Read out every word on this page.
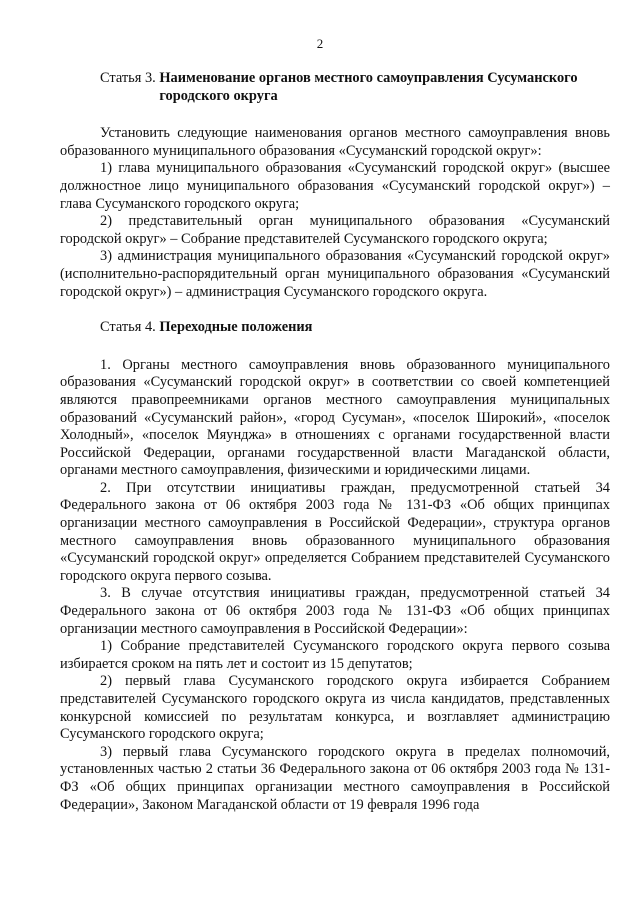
2
Статья 3.
Наименование органов местного самоуправления Сусуманского городского округа

Установить следующие наименования органов местного самоуправления вновь образованного муниципального образования «Сусуманский городской округ»:

1) глава муниципального образования «Сусуманский городской округ» (высшее должностное лицо муниципального образования «Сусуманский городской округ») – глава Сусуманского городского округа;

2) представительный орган муниципального образования «Сусуманский городской округ» – Собрание представителей Сусуманского городского округа;

3) администрация муниципального образования «Сусуманский городской округ» (исполнительно-распорядительный орган муниципального образования «Сусуманский городской округ») – администрация Сусуманского городского округа.

Статья 4.
Переходные положения

1. Органы местного самоуправления вновь образованного муниципального образования «Сусуманский городской округ» в соответствии со своей компетенцией являются правопреемниками органов местного самоуправления муниципальных образований «Сусуманский район», «город Сусуман», «поселок Широкий», «поселок Холодный», «поселок Мяунджа» в отношениях с органами государственной власти Российской Федерации, органами государственной власти Магаданской области, органами местного самоуправления, физическими и юридическими лицами.

2. При отсутствии инициативы граждан, предусмотренной статьей 34 Федерального закона от 06 октября 2003 года № 131-ФЗ «Об общих принципах организации местного самоуправления в Российской Федерации», структура органов местного самоуправления вновь образованного муниципального образования «Сусуманский городской округ» определяется Собранием представителей Сусуманского городского округа первого созыва.

3. В случае отсутствия инициативы граждан, предусмотренной статьей 34 Федерального закона от 06 октября 2003 года № 131-ФЗ «Об общих принципах организации местного самоуправления в Российской Федерации»:

1) Собрание представителей Сусуманского городского округа первого созыва избирается сроком на пять лет и состоит из 15 депутатов;

2) первый глава Сусуманского городского округа избирается Собранием представителей Сусуманского городского округа из числа кандидатов, представленных конкурсной комиссией по результатам конкурса, и возглавляет администрацию Сусуманского городского округа;

3) первый глава Сусуманского городского округа в пределах полномочий, установленных частью 2 статьи 36 Федерального закона от 06 октября 2003 года № 131-ФЗ «Об общих принципах организации местного самоуправления в Российской Федерации», Законом Магаданской области от 19 февраля 1996 года
